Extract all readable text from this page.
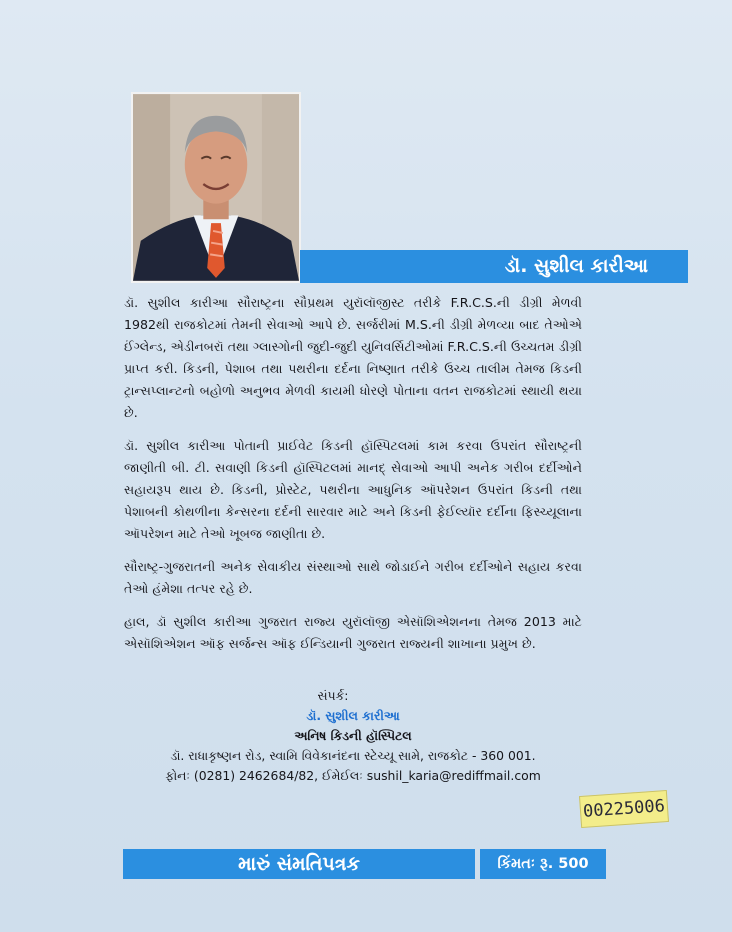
ડૉ. સુશીલ કારીઆ

ડૉ. સુશીલ કારીઆ સૌરાષ્ટ્રના સૌપ્રથમ યુરૉલૉજીસ્ટ તરીકે F.R.C.S.ની ડીગ્રી મેળવી 1982થી રાજકોટમાં તેમની સેવાઓ આપે છે. સર્જરીમાં M.S.ની ડીગ્રી મેળવ્યા બાદ તેઓએ ઈંગ્લેન્ડ, એડીનબરૉ તથા ગ્લાસ્ગોની જુદી-જુદી યુનિવર્સિટીઓમાં F.R.C.S.ની ઉચ્ચતમ ડીગ્રી પ્રાપ્ત કરી. કિડની, પેશાબ તથા પથરીના દર્દના નિષ્ણાત તરીકે ઉચ્ચ તાલીમ તેમજ કિડની ટ્રાન્સપ્લાન્ટનો બહોળો અનુભવ મેળવી કાયમી ધોરણે પોતાના વતન રાજકોટમાં સ્થાયી થયા છે.

ડૉ. સુશીલ કારીઆ પોતાની પ્રાઈવેટ કિડની હૉસ્પિટલમાં કામ કરવા ઉપરાંત સૌરાષ્ટ્રની જાણીતી બી. ટી. સવાણી કિડની હૉસ્પિટલમાં માનદ્ સેવાઓ આપી અનેક ગરીબ દર્દીઓને સહાયરૂપ થાય છે. કિડની, પ્રોસ્ટેટ, પથરીના આધુનિક ઑપરેશન ઉપરાંત કિડની તથા પેશાબની કોથળીના કેન્સરના દર્દની સારવાર માટે અને કિડની ફેઈલ્યૉર દર્દીના ફિસ્ચ્યૂલાના ઑપરેશન માટે તેઓ ખૂબજ જાણીતા છે.

સૌરાષ્ટ્ર-ગુજરાતની અનેક સેવાકીય સંસ્થાઓ સાથે જોડાઈને ગરીબ દર્દીઓને સહાય કરવા તેઓ હંમેશા તત્પર રહે છે.

હાલ, ડૉ સુશીલ કારીઆ ગુજરાત રાજ્ય યુરૉલૉજી એસૉશિએશનના તેમજ 2013 માટે એસૉશિએશન ઑફ સર્જન્સ ઑફ ઈન્ડિયાની ગુજરાત રાજ્યની શાખાના પ્રમુખ છે.

સંપર્ક:
ડૉ. સુશીલ કારીઆ
અનિષ કિડની હૉસ્પિટલ
ડૉ. રાધાકૃષ્ણન રોડ, સ્વામિ વિવેકાનંદના સ્ટેચ્યૂ સામે, રાજકોટ - 360 001.
ફોનઃ (0281) 2462684/82, ઈમેઈલઃ sushil_karia@rediffmail.com
00225006
મારું સંમતિપત્રક	કિંમતઃ રૂ. 500
